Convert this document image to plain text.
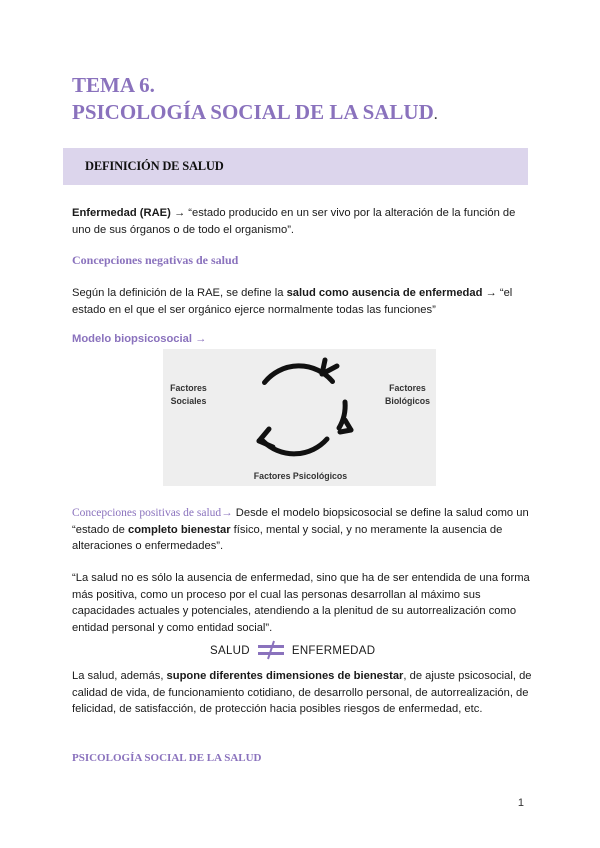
TEMA 6.
PSICOLOGÍA SOCIAL DE LA SALUD.
DEFINICIÓN DE SALUD

Enfermedad (RAE) → “estado producido en un ser vivo por la alteración de la función de uno de sus órganos o de todo el organismo”.

Concepciones negativas de salud

Según la definición de la RAE, se define la salud como ausencia de enfermedad → “el estado en el que el ser orgánico ejerce normalmente todas las funciones”

Modelo biopsicosocial →
Factores
Sociales
Factores
Biológicos
Factores Psicológicos

Concepciones positivas de salud→ Desde el modelo biopsicosocial se define la salud como un “estado de completo bienestar físico, mental y social, y no meramente la ausencia de alteraciones o enfermedades”.

“La salud no es sólo la ausencia de enfermedad, sino que ha de ser entendida de una forma más positiva, como un proceso por el cual las personas desarrollan al máximo sus capacidades actuales y potenciales, atendiendo a la plenitud de su autorrealización como entidad personal y como entidad social”.

SALUD	ENFERMEDAD

La salud, además, supone diferentes dimensiones de bienestar, de ajuste psicosocial, de calidad de vida, de funcionamiento cotidiano, de desarrollo personal, de autorrealización, de felicidad, de satisfacción, de protección hacia posibles riesgos de enfermedad, etc.

PSICOLOGÍA SOCIAL DE LA SALUD
1
